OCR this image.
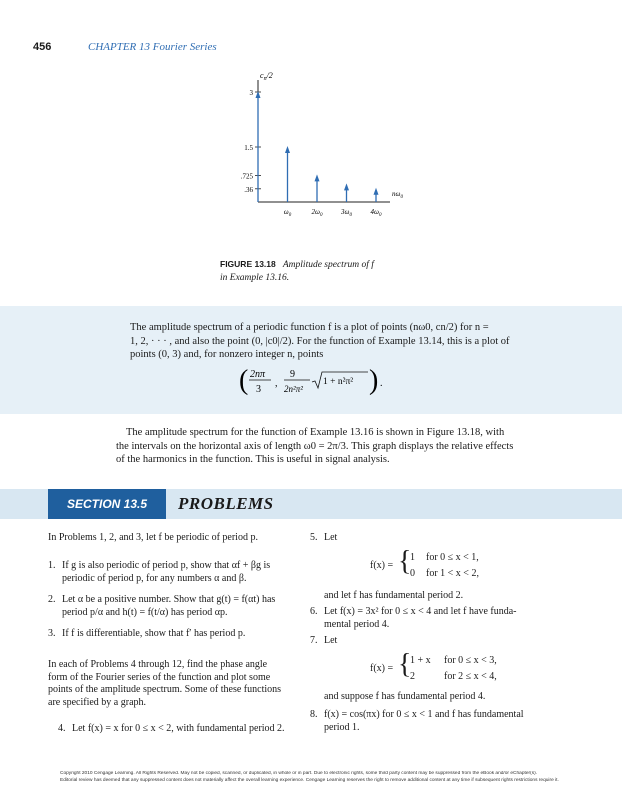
456	CHAPTER 13 Fourier Series
$c_n/2$
3
1.5
.725
.36
$\omega_0$	$2\omega_0$	$3\omega_0$	$4\omega_0$
$n\omega_0$
FIGURE 13.18 Amplitude spectrum of f
in Example 13.16.
The amplitude spectrum of a periodic function f is a plot of points (nω0, cn/2) for n =
1, 2, · · · , and also the point (0, |c0|/2). For the function of Example 13.14, this is a plot of
points (0, 3) and, for nonzero integer n, points
( 2nπ
3
,
9
2n²π²
1 + n²π² ) .
The amplitude spectrum for the function of Example 13.16 is shown in Figure 13.18, with
the intervals on the horizontal axis of length ω0 = 2π/3. This graph displays the relative effects
of the harmonics in the function. This is useful in signal analysis.
SECTION 13.5	PROBLEMS
In Problems 1, 2, and 3, let f be periodic of period p.
1. If g is also periodic of period p, show that αf + βg is
periodic of period p, for any numbers α and β.
2. Let α be a positive number. Show that g(t) = f(αt) has
period p/α and h(t) = f(t/α) has period αp.
3. If f is differentiable, show that f′ has period p.
In each of Problems 4 through 12, find the phase angle
form of the Fourier series of the function and plot some
points of the amplitude spectrum. Some of these functions
are specified by a graph.
4. Let f(x) = x for 0 ≤ x < 2, with fundamental period 2.
5. Let
f(x) = {
1 for 0 ≤ x < 1,
0 for 1 < x < 2,
and let f has fundamental period 2.
6. Let f(x) = 3x² for 0 ≤ x < 4 and let f have funda-
mental period 4.
7. Let
f(x) = {
1 + x for 0 ≤ x < 3,
2	for 2 ≤ x < 4,
and suppose f has fundamental period 4.
8. f(x) = cos(πx) for 0 ≤ x < 1 and f has fundamental
period 1.
Copyright 2010 Cengage Learning. All Rights Reserved. May not be copied, scanned, or duplicated, in whole or in part. Due to electronic rights, some third party content may be suppressed from the eBook and/or eChapter(s).
Editorial review has deemed that any suppressed content does not materially affect the overall learning experience. Cengage Learning reserves the right to remove additional content at any time if subsequent rights restrictions require it.
